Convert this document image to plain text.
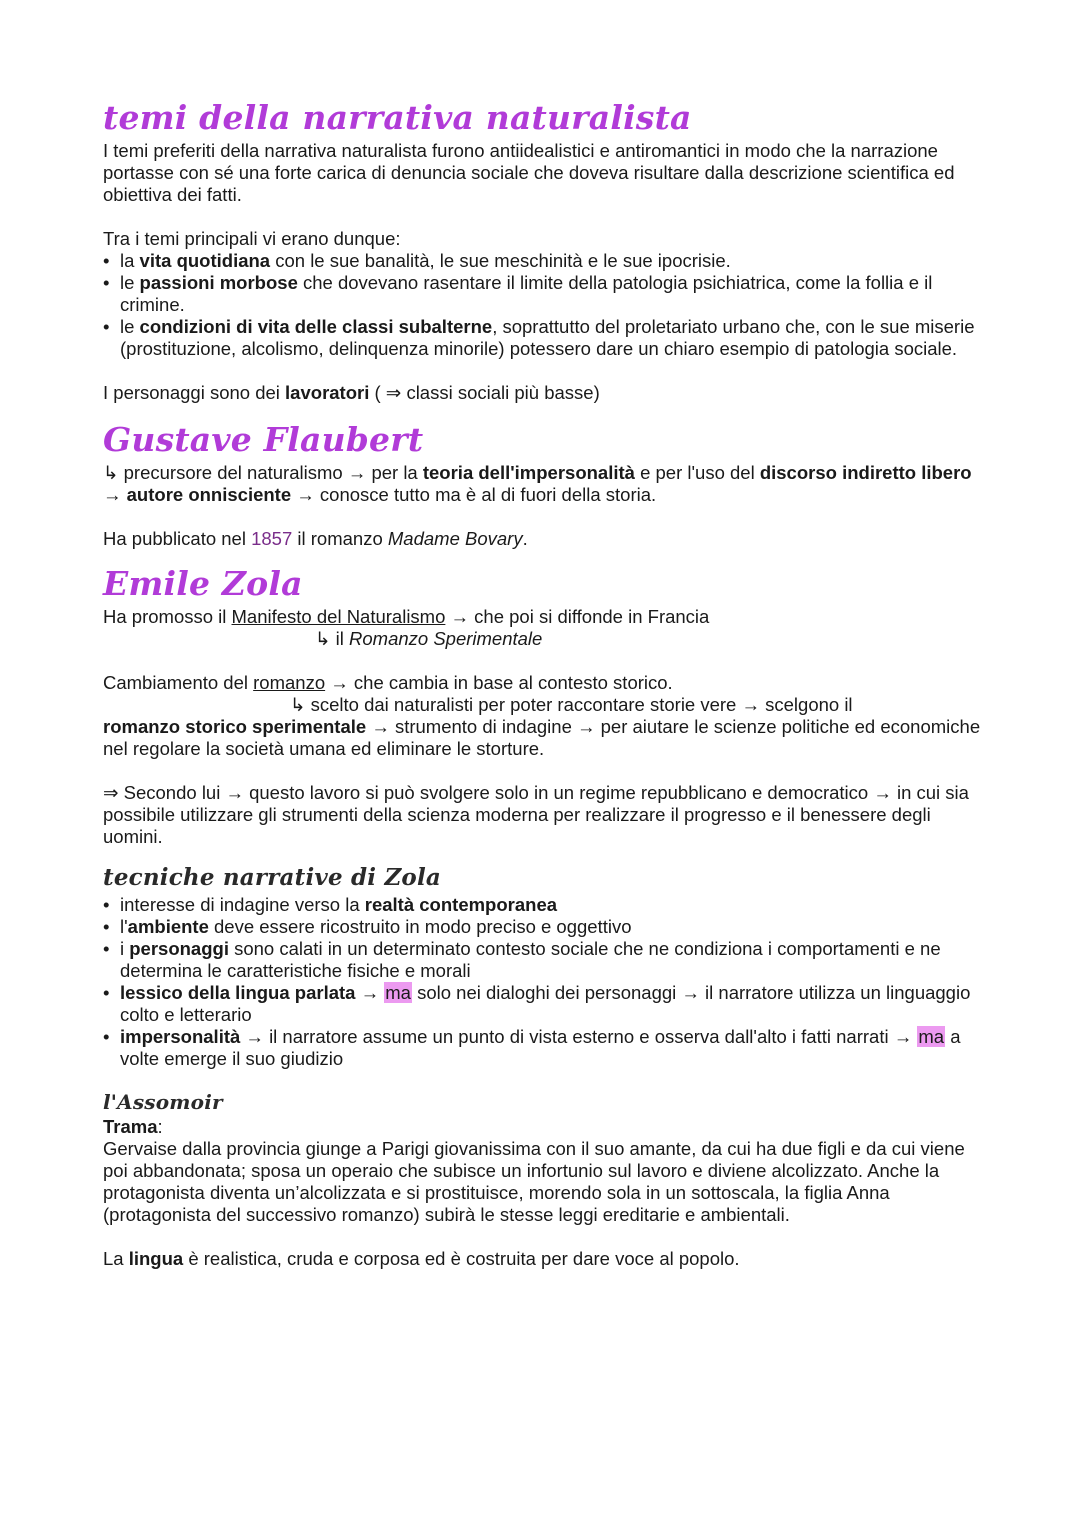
temi della narrativa naturalista

I temi preferiti della narrativa naturalista furono antiidealistici e antiromantici in modo che la narrazione portasse con sé una forte carica di denuncia sociale che doveva risultare dalla descrizione scientifica ed obiettiva dei fatti.

Tra i temi principali vi erano dunque:

• la vita quotidiana con le sue banalità, le sue meschinità e le sue ipocrisie.
• le passioni morbose che dovevano rasentare il limite della patologia psichiatrica, come la follia e il crimine.
• le condizioni di vita delle classi subalterne, soprattutto del proletariato urbano che, con le sue miserie (prostituzione, alcolismo, delinquenza minorile) potessero dare un chiaro esempio di patologia sociale.

I personaggi sono dei lavoratori ( ⇒ classi sociali più basse)

Gustave Flaubert

↳ precursore del naturalismo → per la teoria dell'impersonalità e per l'uso del discorso indiretto libero → autore onnisciente → conosce tutto ma è al di fuori della storia.

Ha pubblicato nel 1857 il romanzo Madame Bovary.

Emile Zola

Ha promosso il Manifesto del Naturalismo → che poi si diffonde in Francia

↳ il Romanzo Sperimentale

Cambiamento del romanzo → che cambia in base al contesto storico.

↳ scelto dai naturalisti per poter raccontare storie vere → scelgono il

romanzo storico sperimentale → strumento di indagine → per aiutare le scienze politiche ed economiche nel regolare la società umana ed eliminare le storture.

⇒ Secondo lui → questo lavoro si può svolgere solo in un regime repubblicano e democratico → in cui sia possibile utilizzare gli strumenti della scienza moderna per realizzare il progresso e il benessere degli uomini.

tecniche narrative di Zola
• interesse di indagine verso la realtà contemporanea
• l'ambiente deve essere ricostruito in modo preciso e oggettivo
• i personaggi sono calati in un determinato contesto sociale che ne condiziona i comportamenti e ne determina le caratteristiche fisiche e morali
• lessico della lingua parlata → ma solo nei dialoghi dei personaggi → il narratore utilizza un linguaggio colto e letterario
• impersonalità → il narratore assume un punto di vista esterno e osserva dall'alto i fatti narrati → ma a volte emerge il suo giudizio
l'Assomoir

Trama:

Gervaise dalla provincia giunge a Parigi giovanissima con il suo amante, da cui ha due figli e da cui viene poi abbandonata; sposa un operaio che subisce un infortunio sul lavoro e diviene alcolizzato. Anche la protagonista diventa un’alcolizzata e si prostituisce, morendo sola in un sottoscala, la figlia Anna (protagonista del successivo romanzo) subirà le stesse leggi ereditarie e ambientali.

La lingua è realistica, cruda e corposa ed è costruita per dare voce al popolo.
